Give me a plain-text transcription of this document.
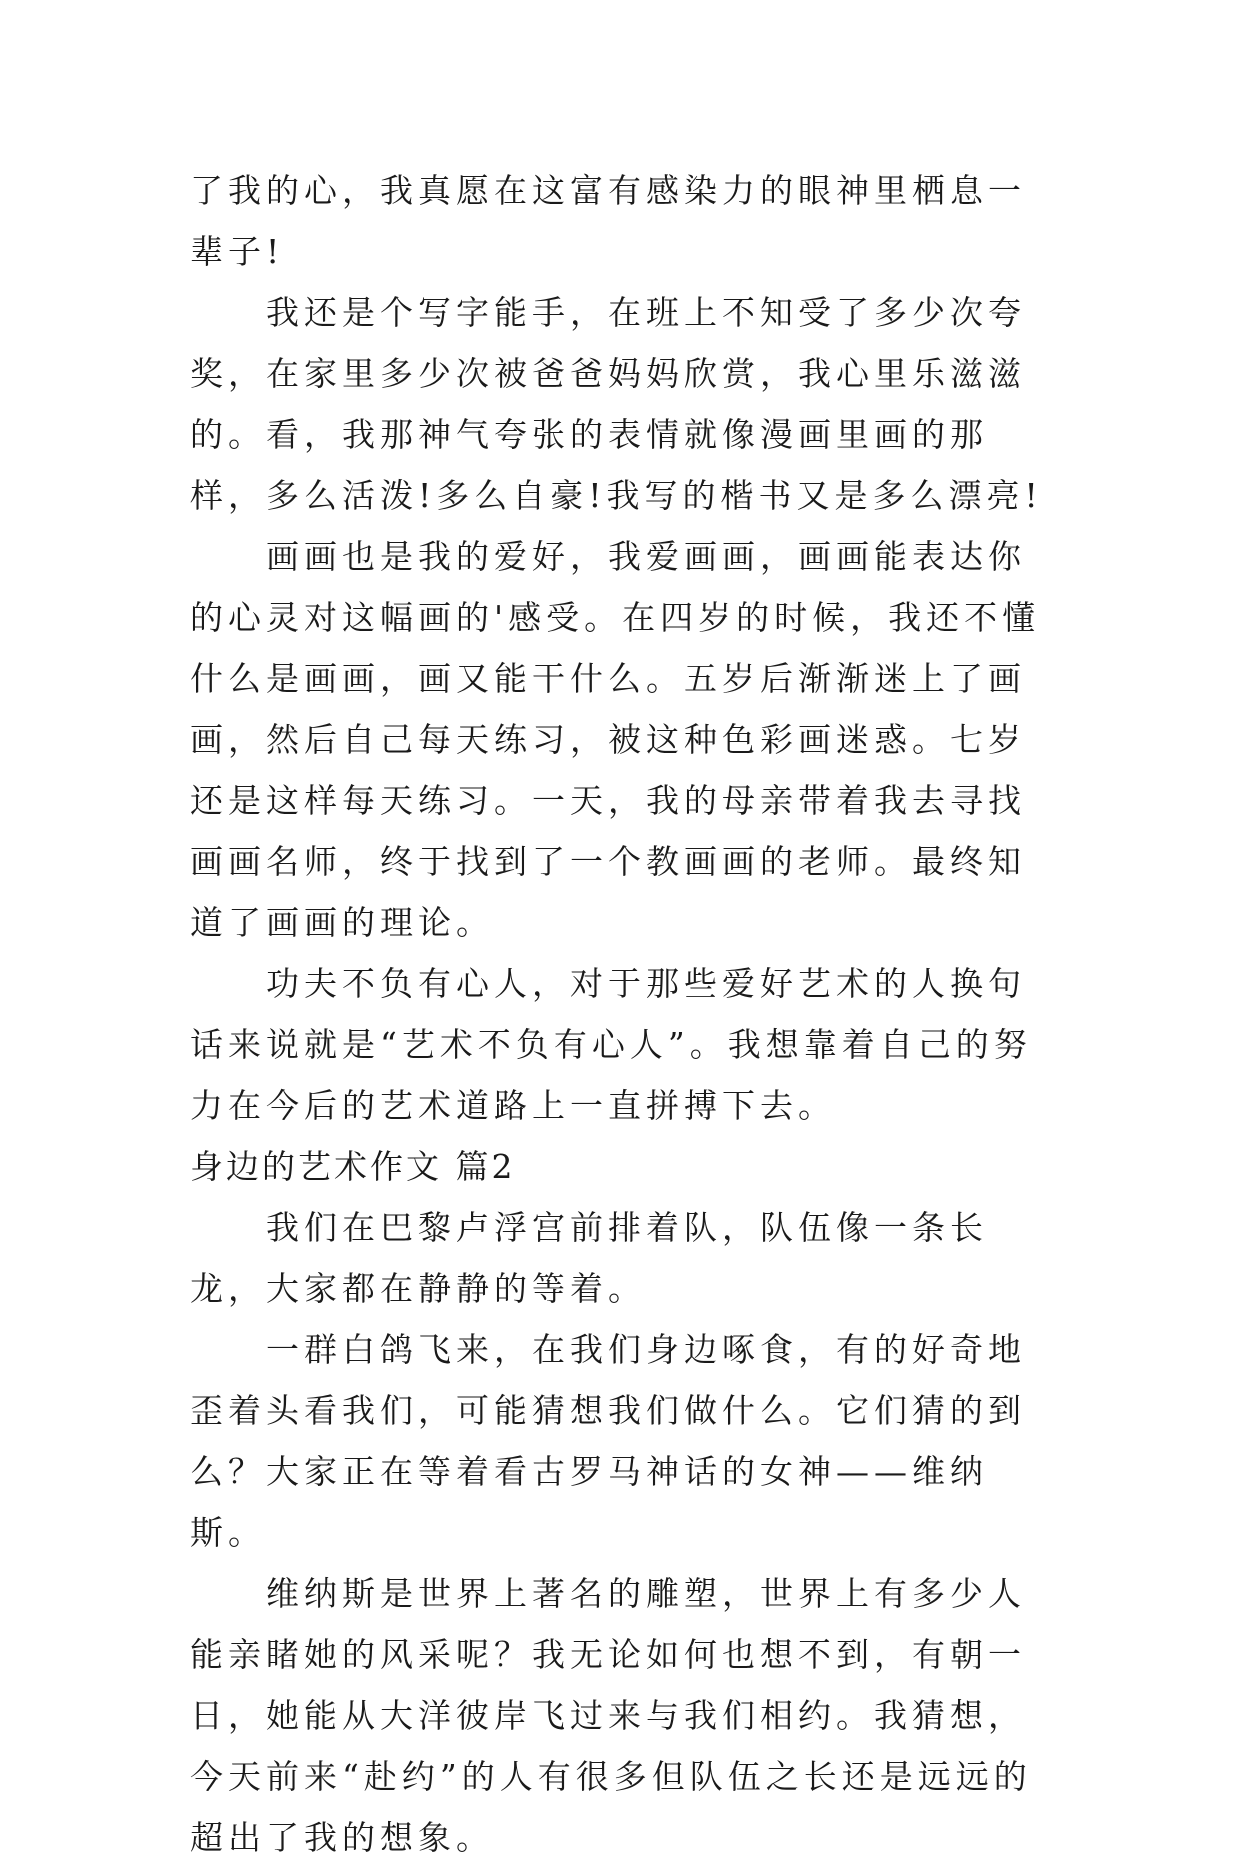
了我的心，我真愿在这富有感染力的眼神里栖息一辈子!

我还是个写字能手，在班上不知受了多少次夸奖，在家里多少次被爸爸妈妈欣赏，我心里乐滋滋的。看，我那神气夸张的表情就像漫画里画的那样，多么活泼!多么自豪!我写的楷书又是多么漂亮!

画画也是我的爱好，我爱画画，画画能表达你的心灵对这幅画的'感受。在四岁的时候，我还不懂什么是画画，画又能干什么。五岁后渐渐迷上了画画，然后自己每天练习，被这种色彩画迷惑。七岁还是这样每天练习。一天，我的母亲带着我去寻找画画名师，终于找到了一个教画画的老师。最终知道了画画的理论。

功夫不负有心人，对于那些爱好艺术的人换句话来说就是“艺术不负有心人”。我想靠着自己的努力在今后的艺术道路上一直拼搏下去。

身边的艺术作文 篇2

我们在巴黎卢浮宫前排着队，队伍像一条长龙，大家都在静静的等着。

一群白鸽飞来，在我们身边啄食，有的好奇地歪着头看我们，可能猜想我们做什么。它们猜的到么？大家正在等着看古罗马神话的女神——维纳斯。

维纳斯是世界上著名的雕塑，世界上有多少人能亲睹她的风采呢？我无论如何也想不到，有朝一日，她能从大洋彼岸飞过来与我们相约。我猜想，今天前来“赴约”的人有很多但队伍之长还是远远的超出了我的想象。
